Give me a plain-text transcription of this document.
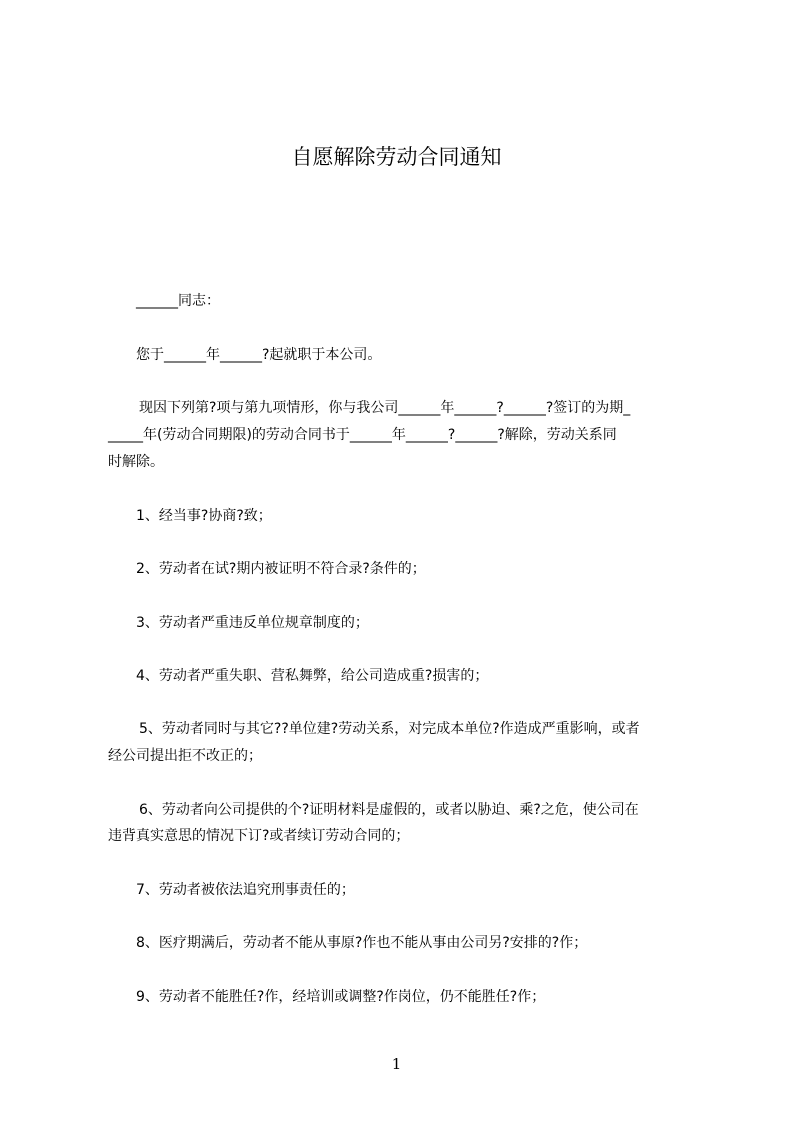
自愿解除劳动合同通知

______同志：

您于______年______?起就职于本公司。

现因下列第?项与第九项情形，你与我公司______年______?______?签订的为期_

_____年(劳动合同期限)的劳动合同书于______年______?______?解除，劳动关系同

时解除。

1、经当事?协商?致；

2、劳动者在试?期内被证明不符合录?条件的；

3、劳动者严重违反单位规章制度的；

4、劳动者严重失职、营私舞弊，给公司造成重?损害的；

5、劳动者同时与其它??单位建?劳动关系，对完成本单位?作造成严重影响，或者

经公司提出拒不改正的；

6、劳动者向公司提供的个?证明材料是虚假的，或者以胁迫、乘?之危，使公司在

违背真实意思的情况下订?或者续订劳动合同的；

7、劳动者被依法追究刑事责任的；

8、医疗期满后，劳动者不能从事原?作也不能从事由公司另?安排的?作；

9、劳动者不能胜任?作，经培训或调整?作岗位，仍不能胜任?作；

1
